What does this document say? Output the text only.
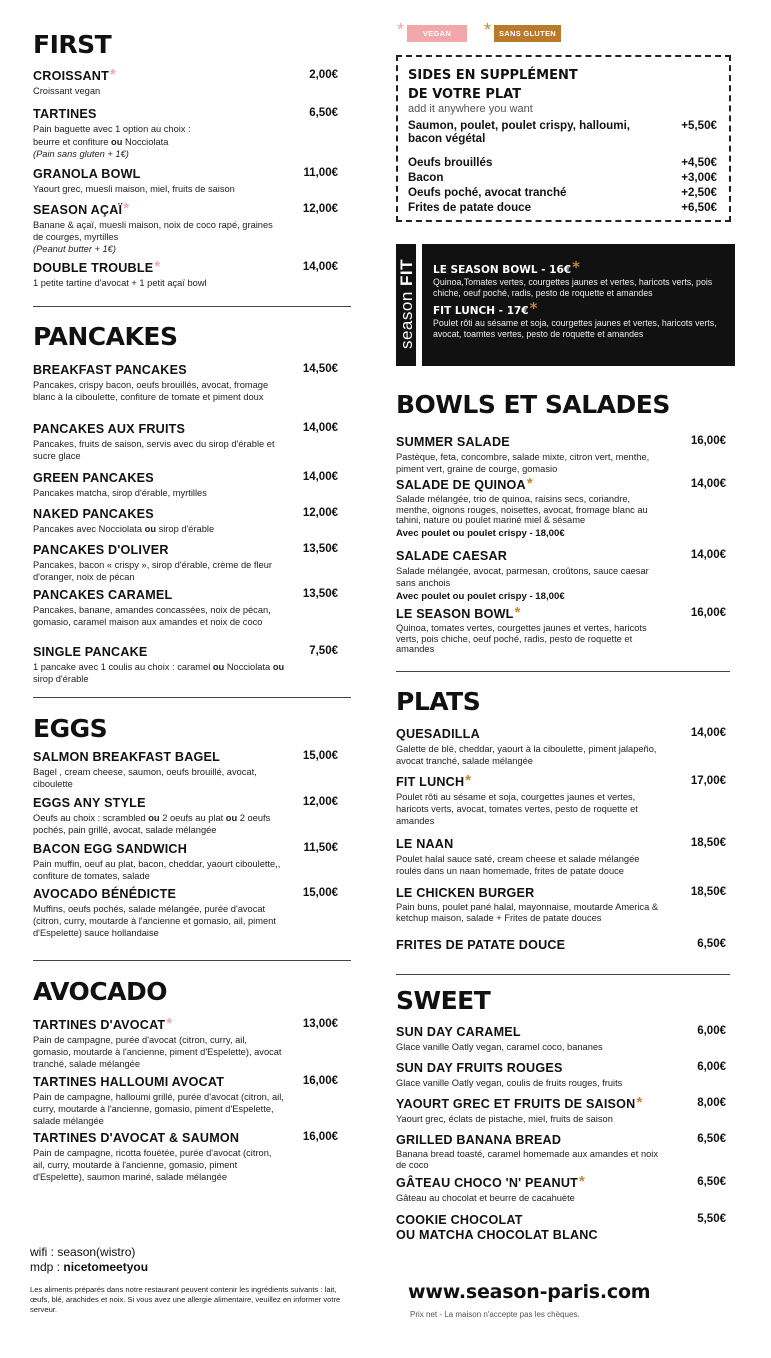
FIRST
CROISSANT*	2,00€
Croissant vegan
TARTINES	6,50€
Pain baguette avec 1 option au choix :
beurre et confiture ou Nocciolata
(Pain sans gluten + 1€)
GRANOLA BOWL	11,00€
Yaourt grec, muesli maison, miel, fruits de saison
SEASON AÇAÏ*	12,00€
Banane & açaï, muesli maison, noix de coco rapé, graines de courges, myrtilles
(Peanut butter + 1€)
DOUBLE TROUBLE*	14,00€
1 petite tartine d'avocat + 1 petit açaï bowl
PANCAKES
BREAKFAST PANCAKES	14,50€
Pancakes, crispy bacon, oeufs brouillés, avocat, fromage blanc à la ciboulette, confiture de tomate et piment doux
PANCAKES AUX FRUITS	14,00€
Pancakes, fruits de saison, servis avec du sirop d'érable et sucre glace
GREEN PANCAKES	14,00€
Pancakes matcha, sirop d'érable, myrtilles
NAKED PANCAKES	12,00€
Pancakes avec Nocciolata ou sirop d'érable
PANCAKES D'OLIVER	13,50€
Pancakes, bacon « crispy », sirop d'érable, crème de fleur d'oranger, noix de pécan
PANCAKES CARAMEL	13,50€
Pancakes, banane, amandes concassées, noix de pécan, gomasio, caramel maison aux amandes et noix de coco
SINGLE PANCAKE	7,50€
1 pancake avec 1 coulis au choix : caramel ou Nocciolata ou sirop d'érable
EGGS
SALMON BREAKFAST BAGEL	15,00€
Bagel , cream cheese, saumon, oeufs brouillé, avocat, ciboulette
EGGS ANY STYLE	12,00€
Oeufs au choix : scrambled ou 2 oeufs au plat ou 2 oeufs pochés, pain grillé, avocat, salade mélangée
BACON EGG SANDWICH	11,50€
Pain muffin, oeuf au plat, bacon, cheddar, yaourt ciboulette,, confiture de tomates, salade
AVOCADO BÉNÉDICTE	15,00€
Muffins, oeufs pochés, salade mélangée, purée d'avocat (citron, curry, moutarde à l'ancienne et gomasio, ail, piment d'Espelette) sauce hollandaise
AVOCADO
TARTINES D'AVOCAT*	13,00€
Pain de campagne, purée d'avocat (citron, curry, ail, gomasio, moutarde à l'ancienne, piment d'Espelette), avocat tranché, salade mélangée
TARTINES HALLOUMI AVOCAT	16,00€
Pain de campagne, halloumi grillé, purée d'avocat (citron, ail, curry, moutarde à l'ancienne, gomasio, piment d'Espelette, salade mélangée
TARTINES D'AVOCAT & SAUMON	16,00€
Pain de campagne, ricotta fouétée, purée d'avocat (citron, ail, curry, moutarde à l'ancienne, gomasio, piment d'Espelette), saumon mariné, salade mélangée
wifi : season(wistro)
mdp : nicetomeetyou
Les aliments préparés dans notre restaurant peuvent contenir les ingrédients suivants : lait, œufs, blé, arachides et noix. Si vous avez une allergie alimentaire, veuillez en informer votre serveur.
*	VEGAN	*	SANS GLUTEN
SIDES EN SUPPLÉMENT
DE VOTRE PLAT
add it anywhere you want
Saumon, poulet, poulet crispy, halloumi, bacon végétal
+5,50€
Oeufs brouillés	+4,50€
Bacon	+3,00€
Oeufs poché, avocat tranché	+2,50€
Frites de patate douce	+6,50€
season FIT LE SEASON BOWL - 16€*
Quinoa,Tomates vertes, courgettes jaunes et vertes, haricots verts, pois chiche, oeuf poché, radis, pesto de roquette et amandes
FIT LUNCH - 17€*
Poulet rôti au sésame et soja, courgettes jaunes et vertes, haricots verts, avocat, toamtes vertes, pesto de roquette et amandes
BOWLS ET SALADES
SUMMER SALADE	16,00€
Pastèque, feta, concombre, salade mixte, citron vert, menthe, piment vert, graine de courge, gomasio
SALADE DE QUINOA*	14,00€
Salade mélangée, trio de quinoa, raisins secs, coriandre, menthe, oignons rouges, noisettes, avocat, fromage blanc au tahini, nature ou poulet mariné miel & sésame
Avec poulet ou poulet crispy - 18,00€
SALADE CAESAR	14,00€
Salade mélangée, avocat, parmesan, croûtons, sauce caesar sans anchois
Avec poulet ou poulet crispy - 18,00€
LE SEASON BOWL*	16,00€
Quinoa, tomates vertes, courgettes jaunes et vertes, haricots verts, pois chiche, oeuf poché, radis, pesto de roquette et amandes
PLATS
QUESADILLA	14,00€
Galette de blé, cheddar, yaourt à la ciboulette, piment jalapeño, avocat tranché, salade mélangée
FIT LUNCH*	17,00€
Poulet rôti au sésame et soja, courgettes jaunes et vertes, haricots verts, avocat, tomates vertes, pesto de roquette et amandes
LE NAAN	18,50€
Poulet halal sauce saté, cream cheese et salade mélangée roulés dans un naan homemade, frites de patate douce
LE CHICKEN BURGER	18,50€
Pain buns, poulet pané halal, mayonnaise, moutarde America & ketchup maison, salade + Frites de patate douces
FRITES DE PATATE DOUCE	6,50€
SWEET
SUN DAY CARAMEL	6,00€
Glace vanille Oatly vegan, caramel coco, bananes
SUN DAY FRUITS ROUGES	6,00€
Glace vanille Oatly vegan, coulis de fruits rouges, fruits
YAOURT GREC ET FRUITS DE SAISON*	8,00€
Yaourt grec, éclats de pistache, miel, fruits de saison
GRILLED BANANA BREAD	6,50€
Banana bread toasté, caramel homemade aux amandes et noix de coco
GÂTEAU CHOCO 'N' PEANUT*	6,50€
Gâteau au chocolat et beurre de cacahuète
COOKIE CHOCOLAT
OU MATCHA CHOCOLAT BLANC
5,50€
www.season-paris.com
Prix net - La maison n'accepte pas les chèques.
